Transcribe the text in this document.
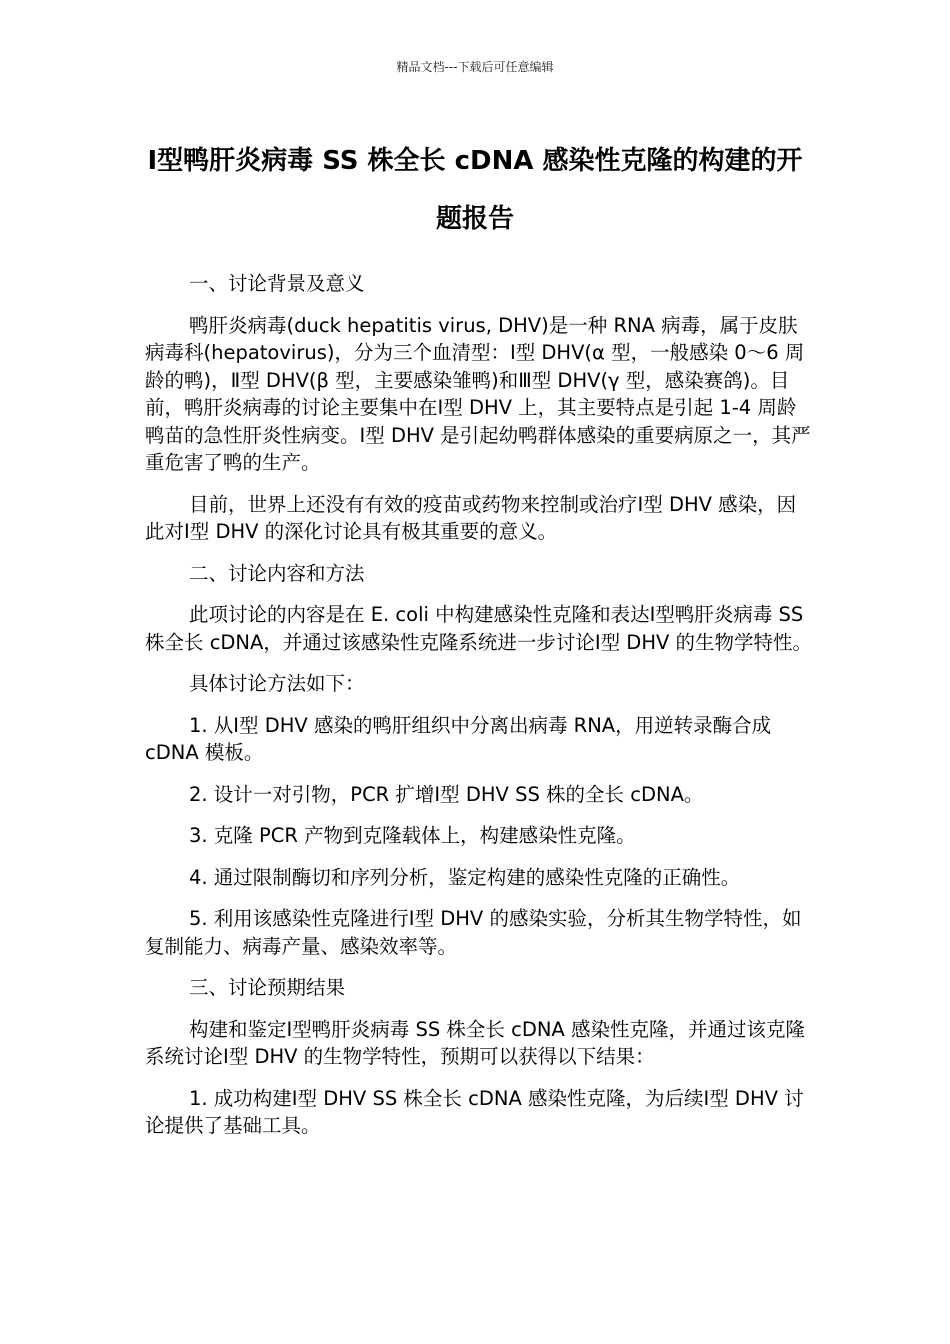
精品文档---下载后可任意编辑
Ⅰ型鸭肝炎病毒 SS 株全长 cDNA 感染性克隆的构建的开题报告

一、讨论背景及意义

鸭肝炎病毒(duck hepatitis virus, DHV)是一种 RNA 病毒，属于皮肤病毒科(hepatovirus)，分为三个血清型：Ⅰ型 DHV(α 型，一般感染 0～6 周龄的鸭)，Ⅱ型 DHV(β 型，主要感染雏鸭)和Ⅲ型 DHV(γ 型，感染赛鸽)。目前，鸭肝炎病毒的讨论主要集中在Ⅰ型 DHV 上，其主要特点是引起 1-4 周龄鸭苗的急性肝炎性病变。Ⅰ型 DHV 是引起幼鸭群体感染的重要病原之一，其严重危害了鸭的生产。

目前，世界上还没有有效的疫苗或药物来控制或治疗Ⅰ型 DHV 感染，因此对Ⅰ型 DHV 的深化讨论具有极其重要的意义。

二、讨论内容和方法

此项讨论的内容是在 E. coli 中构建感染性克隆和表达Ⅰ型鸭肝炎病毒 SS 株全长 cDNA，并通过该感染性克隆系统进一步讨论Ⅰ型 DHV 的生物学特性。

具体讨论方法如下：

1. 从Ⅰ型 DHV 感染的鸭肝组织中分离出病毒 RNA，用逆转录酶合成 cDNA 模板。

2. 设计一对引物，PCR 扩增Ⅰ型 DHV SS 株的全长 cDNA。

3. 克隆 PCR 产物到克隆载体上，构建感染性克隆。

4. 通过限制酶切和序列分析，鉴定构建的感染性克隆的正确性。

5. 利用该感染性克隆进行Ⅰ型 DHV 的感染实验，分析其生物学特性，如复制能力、病毒产量、感染效率等。

三、讨论预期结果

构建和鉴定Ⅰ型鸭肝炎病毒 SS 株全长 cDNA 感染性克隆，并通过该克隆系统讨论Ⅰ型 DHV 的生物学特性，预期可以获得以下结果：

1. 成功构建Ⅰ型 DHV SS 株全长 cDNA 感染性克隆，为后续Ⅰ型 DHV 讨论提供了基础工具。
